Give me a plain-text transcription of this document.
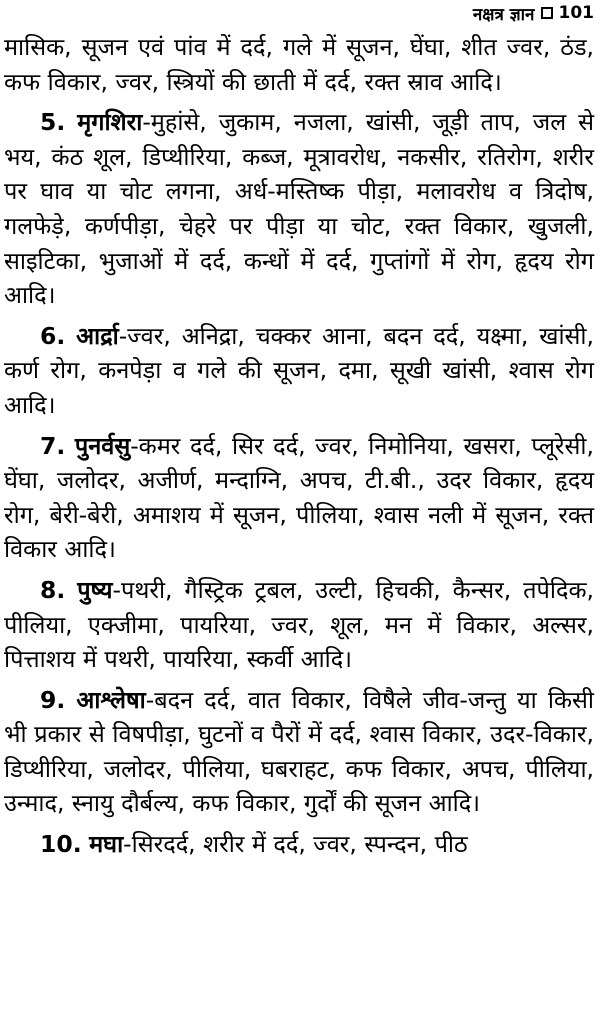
नक्षत्र ज्ञान 101

मासिक, सूजन एवं पांव में दर्द, गले में सूजन, घेंघा, शीत ज्वर, ठंड, कफ विकार, ज्वर, स्त्रियों की छाती में दर्द, रक्त स्राव आदि।

5. मृगशिरा-मुहांसे, जुकाम, नजला, खांसी, जूड़ी ताप, जल से भय, कंठ शूल, डिप्थीरिया, कब्ज, मूत्रावरोध, नकसीर, रतिरोग, शरीर पर घाव या चोट लगना, अर्ध-मस्तिष्क पीड़ा, मलावरोध व त्रिदोष, गलफेड़े, कर्णपीड़ा, चेहरे पर पीड़ा या चोट, रक्त विकार, खुजली, साइटिका, भुजाओं में दर्द, कन्धों में दर्द, गुप्तांगों में रोग, हृदय रोग आदि।

6. आर्द्रा-ज्वर, अनिद्रा, चक्कर आना, बदन दर्द, यक्ष्मा, खांसी, कर्ण रोग, कनपेड़ा व गले की सूजन, दमा, सूखी खांसी, श्वास रोग आदि।

7. पुनर्वसु-कमर दर्द, सिर दर्द, ज्वर, निमोनिया, खसरा, प्लूरेसी, घेंघा, जलोदर, अजीर्ण, मन्दाग्नि, अपच, टी.बी., उदर विकार, हृदय रोग, बेरी-बेरी, अमाशय में सूजन, पीलिया, श्वास नली में सूजन, रक्त विकार आदि।

8. पुष्य-पथरी, गैस्ट्रिक ट्रबल, उल्टी, हिचकी, कैन्सर, तपेदिक, पीलिया, एक्जीमा, पायरिया, ज्वर, शूल, मन में विकार, अल्सर, पित्ताशय में पथरी, पायरिया, स्कर्वी आदि।

9. आश्लेषा-बदन दर्द, वात विकार, विषैले जीव-जन्तु या किसी भी प्रकार से विषपीड़ा, घुटनों व पैरों में दर्द, श्वास विकार, उदर-विकार, डिप्थीरिया, जलोदर, पीलिया, घबराहट, कफ विकार, अपच, पीलिया, उन्माद, स्नायु दौर्बल्य, कफ विकार, गुर्दों की सूजन आदि।

10. मघा-सिरदर्द, शरीर में दर्द, ज्वर, स्पन्दन, पीठ
